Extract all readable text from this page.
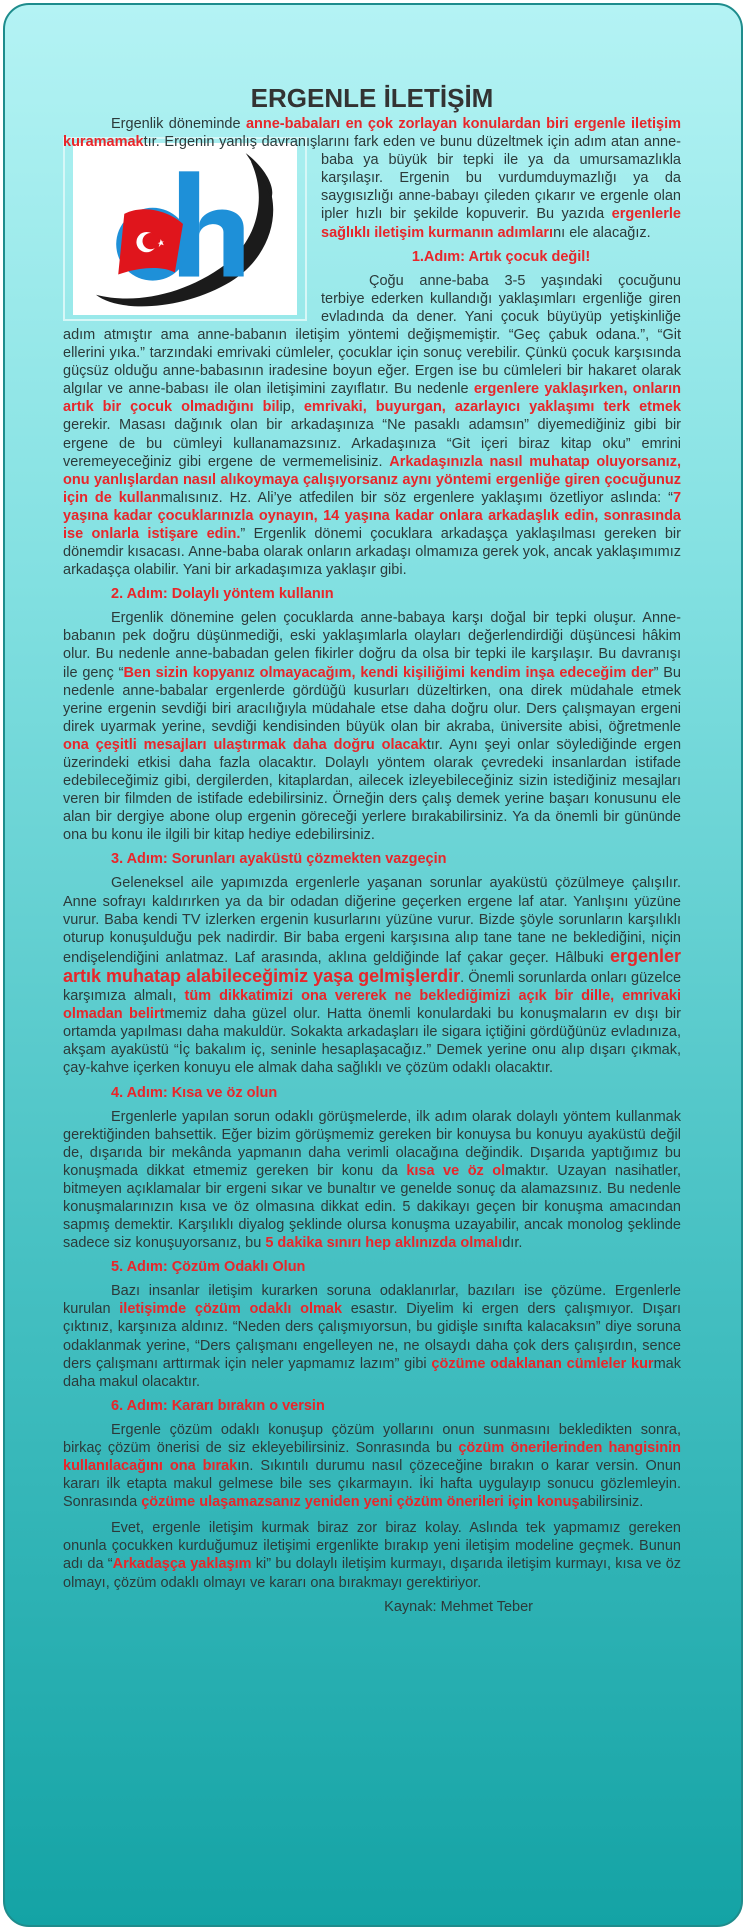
ERGENLE İLETİŞİM

Ergenlik döneminde anne-babaları en çok zorlayan konulardan biri ergenle iletişim kuramamak
tır. Ergenin yanlış davranışlarını fark eden ve bunu düzeltmek için adım atan anne-baba ya büyük bir tepki ile ya da umursamazlıkla karşılaşır. Ergenin bu vurdumduymazlığı ya da saygısızlığı anne-babayı çileden çıkarır ve ergenle olan ipler hızlı bir şekilde kopuverir. Bu yazıda ergenlerle sağlıklı iletişim kurmanın adımlarını ele alacağız.

1.Adım: Artık çocuk değil!

Çoğu anne-baba 3-5 yaşındaki çocuğunu terbiye ederken kullandığı yaklaşımları ergenliğe giren evladında da dener. Yani çocuk büyüyüp yetişkinliğe adım atmıştır ama anne-babanın iletişim yöntemi değişmemiştir. “Geç çabuk odana.”, “Git ellerini yıka.” tarzındaki emrivaki cümleler, çocuklar için sonuç verebilir. Çünkü çocuk karşısında güçsüz olduğu anne-babasının iradesine boyun eğer. Ergen ise bu cümleleri bir hakaret olarak algılar ve anne-babası ile olan iletişimini zayıflatır. Bu nedenle ergenlere yaklaşırken, onların artık bir çocuk olmadığını bilip, emrivaki, buyurgan, azarlayıcı yaklaşımı terk etmek gerekir. Masası dağınık olan bir arkadaşınıza “Ne pasaklı adamsın” diyemediğiniz gibi bir ergene de bu cümleyi kullanamazsınız. Arkadaşınıza “Git içeri biraz kitap oku” emrini veremeyeceğiniz gibi ergene de vermemelisiniz. Arkadaşınızla nasıl muhatap oluyorsanız, onu yanlışlardan nasıl alıkoymaya çalışıyorsanız aynı yöntemi ergenliğe giren çocuğunuz için de kullanmalısınız. Hz. Ali’ye atfedilen bir söz ergenlere yaklaşımı özetliyor aslında: “7 yaşına kadar çocuklarınızla oynayın, 14 yaşına kadar onlara arkadaşlık edin, sonrasında ise onlarla istişare edin.” Ergenlik dönemi çocuklara arkadaşça yaklaşılması gereken bir dönemdir kısacası. Anne-baba olarak onların arkadaşı olmamıza gerek yok, ancak yaklaşımımız arkadaşça olabilir. Yani bir arkadaşımıza yaklaşır gibi.

2. Adım: Dolaylı yöntem kullanın

Ergenlik dönemine gelen çocuklarda anne-babaya karşı doğal bir tepki oluşur. Anne-babanın pek doğru düşünmediği, eski yaklaşımlarla olayları değerlendirdiği düşüncesi hâkim olur. Bu nedenle anne-babadan gelen fikirler doğru da olsa bir tepki ile karşılaşır. Bu davranışı ile genç “Ben sizin kopyanız olmayacağım, kendi kişiliğimi kendim inşa edeceğim der” Bu nedenle anne-babalar ergenlerde gördüğü kusurları düzeltirken, ona direk müdahale etmek yerine ergenin sevdiği biri aracılığıyla müdahale etse daha doğru olur. Ders çalışmayan ergeni direk uyarmak yerine, sevdiği kendisinden büyük olan bir akraba, üniversite abisi, öğretmenle ona çeşitli mesajları ulaştırmak daha doğru olacaktır. Aynı şeyi onlar söylediğinde ergen üzerindeki etkisi daha fazla olacaktır. Dolaylı yöntem olarak çevredeki insanlardan istifade edebileceğimiz gibi, dergilerden, kitaplardan, ailecek izleyebileceğiniz sizin istediğiniz mesajları veren bir filmden de istifade edebilirsiniz. Örneğin ders çalış demek yerine başarı konusunu ele alan bir dergiye abone olup ergenin göreceği yerlere bırakabilirsiniz. Ya da önemli bir gününde ona bu konu ile ilgili bir kitap hediye edebilirsiniz.

3. Adım: Sorunları ayaküstü çözmekten vazgeçin

Geleneksel aile yapımızda ergenlerle yaşanan sorunlar ayaküstü çözülmeye çalışılır. Anne sofrayı kaldırırken ya da bir odadan diğerine geçerken ergene laf atar. Yanlışını yüzüne vurur. Baba kendi TV izlerken ergenin kusurlarını yüzüne vurur. Bizde şöyle sorunların karşılıklı oturup konuşulduğu pek nadirdir. Bir baba ergeni karşısına alıp tane tane ne beklediğini, niçin endişelendiğini anlatmaz. Laf arasında, aklına geldiğinde laf çakar geçer. Hâlbuki ergenler artık muhatap alabileceğimiz yaşa gelmişlerdir. Önemli sorunlarda onları güzelce karşımıza almalı, tüm dikkatimizi ona vererek ne beklediğimizi açık bir dille, emrivaki olmadan belirtmemiz daha güzel olur. Hatta önemli konulardaki bu konuşmaların ev dışı bir ortamda yapılması daha makuldür. Sokakta arkadaşları ile sigara içtiğini gördüğünüz evladınıza, akşam ayaküstü “İç bakalım iç, seninle hesaplaşacağız.” Demek yerine onu alıp dışarı çıkmak, çay-kahve içerken konuyu ele almak daha sağlıklı ve çözüm odaklı olacaktır.

4. Adım: Kısa ve öz olun

Ergenlerle yapılan sorun odaklı görüşmelerde, ilk adım olarak dolaylı yöntem kullanmak gerektiğinden bahsettik. Eğer bizim görüşmemiz gereken bir konuysa bu konuyu ayaküstü değil de, dışarıda bir mekânda yapmanın daha verimli olacağına değindik. Dışarıda yaptığımız bu konuşmada dikkat etmemiz gereken bir konu da kısa ve öz olmaktır. Uzayan nasihatler, bitmeyen açıklamalar bir ergeni sıkar ve bunaltır ve genelde sonuç da alamazsınız. Bu nedenle konuşmalarınızın kısa ve öz olmasına dikkat edin. 5 dakikayı geçen bir konuşma amacından sapmış demektir. Karşılıklı diyalog şeklinde olursa konuşma uzayabilir, ancak monolog şeklinde sadece siz konuşuyorsanız, bu 5 dakika sınırı hep aklınızda olmalıdır.

5. Adım: Çözüm Odaklı Olun

Bazı insanlar iletişim kurarken soruna odaklanırlar, bazıları ise çözüme. Ergenlerle kurulan iletişimde çözüm odaklı olmak esastır. Diyelim ki ergen ders çalışmıyor. Dışarı çıktınız, karşınıza aldınız. “Neden ders çalışmıyorsun, bu gidişle sınıfta kalacaksın” diye soruna odaklanmak yerine, “Ders çalışmanı engelleyen ne, ne olsaydı daha çok ders çalışırdın, sence ders çalışmanı arttırmak için neler yapmamız lazım” gibi çözüme odaklanan cümleler kurmak daha makul olacaktır.

6. Adım: Kararı bırakın o versin

Ergenle çözüm odaklı konuşup çözüm yollarını onun sunmasını bekledikten sonra, birkaç çözüm önerisi de siz ekleyebilirsiniz. Sonrasında bu çözüm önerilerinden hangisinin kullanılacağını ona bırakın. Sıkıntılı durumu nasıl çözeceğine bırakın o karar versin. Onun kararı ilk etapta makul gelmese bile ses çıkarmayın. İki hafta uygulayıp sonucu gözlemleyin. Sonrasında çözüme ulaşamazsanız yeniden yeni çözüm önerileri için konuşabilirsiniz.

Evet, ergenle iletişim kurmak biraz zor biraz kolay. Aslında tek yapmamız gereken onunla çocukken kurduğumuz iletişimi ergenlikte bırakıp yeni iletişim modeline geçmek. Bunun adı da “Arkadaşça yaklaşım ki” bu dolaylı iletişim kurmayı, dışarıda iletişim kurmayı, kısa ve öz olmayı, çözüm odaklı olmayı ve kararı ona bırakmayı gerektiriyor.

Kaynak: Mehmet Teber
